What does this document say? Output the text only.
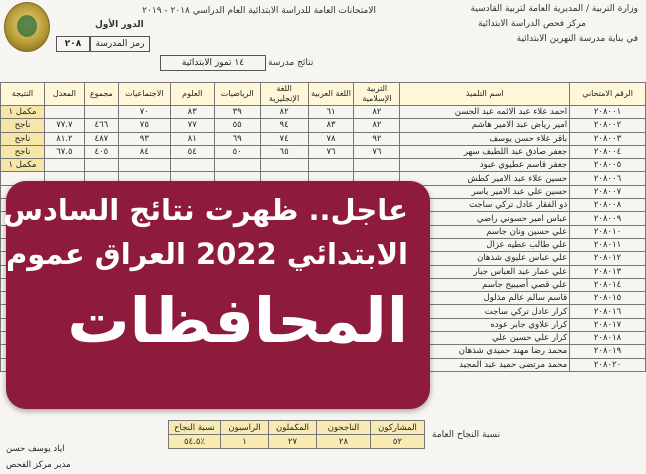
وزارة التربية / المديرية العامة لتربية القادسية
مركز فحص الدراسة الابتدائية
في بناية مدرسة النهرين الابتدائية
الامتحانات العامة للدراسة الابتدائية العام الدراسي ٢٠١٨ - ٢٠١٩
الدور الأول
رمز المدرسة
٢٠٨
نتائج مدرسة
١٤ تموز الابتدائية
النتيجة	المعدل	مجموع	الاجتماعيات	العلوم	الرياضيات	اللغة الإنجليزية	اللغة العربية	التربية الإسلامية	اسم التلميذ	الرقم الامتحاني
مكمل ١			٧٠	٨٣	٣٩	٨٢	٦١	٨٢	احمد علاء عبد الائمه عبد الحسن	٢٠٨٠٠١
ناجح	٧٧.٧	٤٦٦	٧٥	٧٧	٥٥	٩٤	٨٣	٨٢	امير رياض عبد الامير هاشم	٢٠٨٠٠٢
ناجح	٨١.٢	٤٨٧	٩٣	٨١	٦٩	٧٤	٧٨	٩٢	باقر علاء حسن يوسف	٢٠٨٠٠٣
ناجح	٦٧.٥	٤٠٥	٨٤	٥٤	٥٠	٦٥	٧٦	٧٦	جعفر صادق عبد اللطيف سهر	٢٠٨٠٠٤
مكمل ١									جعفر قاسم عطيوي عبود	٢٠٨٠٠٥
									حسين علاء عبد الامير كطش	٢٠٨٠٠٦
									حسين علي عبد الامير ياسر	٢٠٨٠٠٧
									ذو الفقار عادل تركي ساجت	٢٠٨٠٠٨
									عباس امير حسوني راضي	٢٠٨٠٠٩
									علي حسين ونان جاسم	٢٠٨٠١٠
									علي طالب عطيه عزال	٢٠٨٠١١
									علي عباس عليوي شذهان	٢٠٨٠١٢
									علي عمار عبد العباس جبار	٢٠٨٠١٣
									علي قصي أصيبيح جاسم	٢٠٨٠١٤
									قاسم سالم عالم مذلول	٢٠٨٠١٥
									كرار عادل تركي ساجت	٢٠٨٠١٦
									كرار علاوي جابر عوده	٢٠٨٠١٧
									كرار علي حسين علي	٢٠٨٠١٨
									محمد رضا مهند حميدي شذهان	٢٠٨٠١٩
									محمد مرتضى حميد عبد المجيد	٢٠٨٠٢٠
نسبة النجاح العامة
نسبة النجاح	الراسبون	المكملون	الناجحون	المشاركون
٥٤.٥٪	١	٢٧	٢٨	٥٢
اياد يوسف حسن
مدير مركز الفحص
عاجل.. ظهرت نتائج السادس
الابتدائي 2022 العراق عموم
المحافظات
